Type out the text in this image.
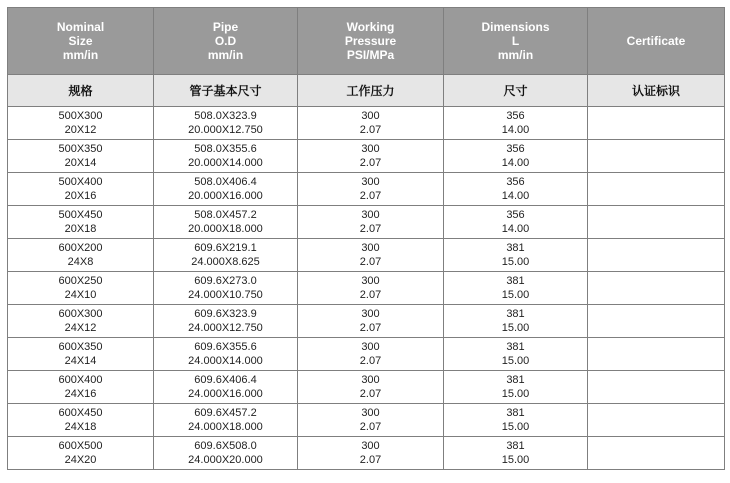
Nominal
Size
mm/in	Pipe
O.D
mm/in	Working
Pressure
PSI/MPa	Dimensions
L
mm/in	Certificate

规格	管子基本尺寸	工作压力	尺寸	认证标识

500X300
20X12	508.0X323.9
20.000X12.750	300
2.07	356
14.00	

500X350
20X14	508.0X355.6
20.000X14.000	300
2.07	356
14.00	

500X400
20X16	508.0X406.4
20.000X16.000	300
2.07	356
14.00	

500X450
20X18	508.0X457.2
20.000X18.000	300
2.07	356
14.00	

600X200
24X8	609.6X219.1
24.000X8.625	300
2.07	381
15.00	

600X250
24X10	609.6X273.0
24.000X10.750	300
2.07	381
15.00	

600X300
24X12	609.6X323.9
24.000X12.750	300
2.07	381
15.00	

600X350
24X14	609.6X355.6
24.000X14.000	300
2.07	381
15.00	

600X400
24X16	609.6X406.4
24.000X16.000	300
2.07	381
15.00	

600X450
24X18	609.6X457.2
24.000X18.000	300
2.07	381
15.00	

600X500
24X20	609.6X508.0
24.000X20.000	300
2.07	381
15.00	
